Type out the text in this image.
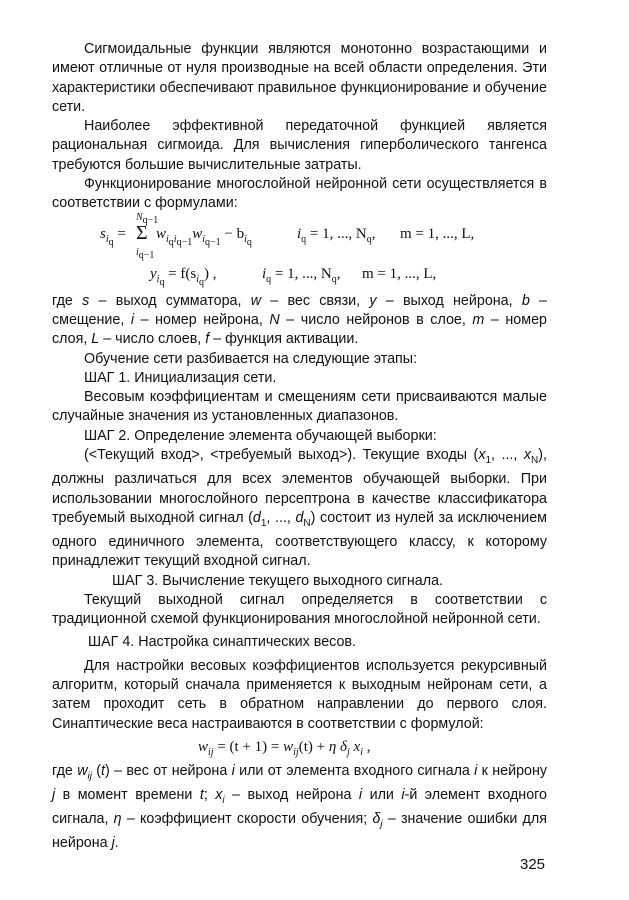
Сигмоидальные функции являются монотонно возрастающими и имеют отличные от нуля производные на всей области определения. Эти характеристики обеспечивают правильное функционирование и обучение сети.

Наиболее эффективной передаточной функцией является рациональная сигмоида. Для вычисления гиперболического тангенса требуются большие вычислительные затраты.

Функционирование многослойной нейронной сети осуществляется в соответствии с формулами:

$s_{i_q}$ =
$N_{q-1}$
Σ
$i_{q-1}$
$w_{i_qi_{q-1}}w_{i_{q-1}} - b_{i_q}$
$i_q = 1$, ..., $N_q$, m = 1, ..., L,
$y_{i_q} = f(s_{i_q})$ ,	$i_q = 1$, ..., $N_q$, m = 1, ..., L,

где s – выход сумматора, w – вес связи, y – выход нейрона, b – смещение, i – номер нейрона, N – число нейронов в слое, m – номер слоя, L – число слоев, f – функция активации.

Обучение сети разбивается на следующие этапы:

ШАГ 1. Инициализация сети.

Весовым коэффициентам и смещениям сети присваиваются малые случайные значения из установленных диапазонов.

ШАГ 2. Определение элемента обучающей выборки:

(<Текущий вход>, <требуемый выход>). Текущие входы ($x_1$, ..., $x_N$), должны различаться для всех элементов обучающей выборки. При использовании многослойного персептрона в качестве классификатора требуемый выходной сигнал ($d_1$, ..., $d_N$) состоит из нулей за исключением одного единичного элемента, соответствующего классу, к которому принадлежит текущий входной сигнал.

ШАГ 3. Вычисление текущего выходного сигнала.

Текущий выходной сигнал определяется в соответствии с традиционной схемой функционирования многослойной нейронной сети.

ШАГ 4. Настройка синаптических весов.

Для настройки весовых коэффициентов используется рекурсивный алгоритм, который сначала применяется к выходным нейронам сети, а затем проходит сеть в обратном направлении до первого слоя. Синаптические веса настраиваются в соответствии с формулой:

$w_{ij} = (t + 1) = w_{ij}(t) + \eta$ $\delta_j$ $x_i$ ,

где $w_{ij}$ (t) – вес от нейрона i или от элемента входного сигнала i к нейрону j в момент времени t; $x_i$ – выход нейрона i или i-й элемент входного сигнала, η – коэффициент скорости обучения; $\delta_j$ – значение ошибки для нейрона j.

325
